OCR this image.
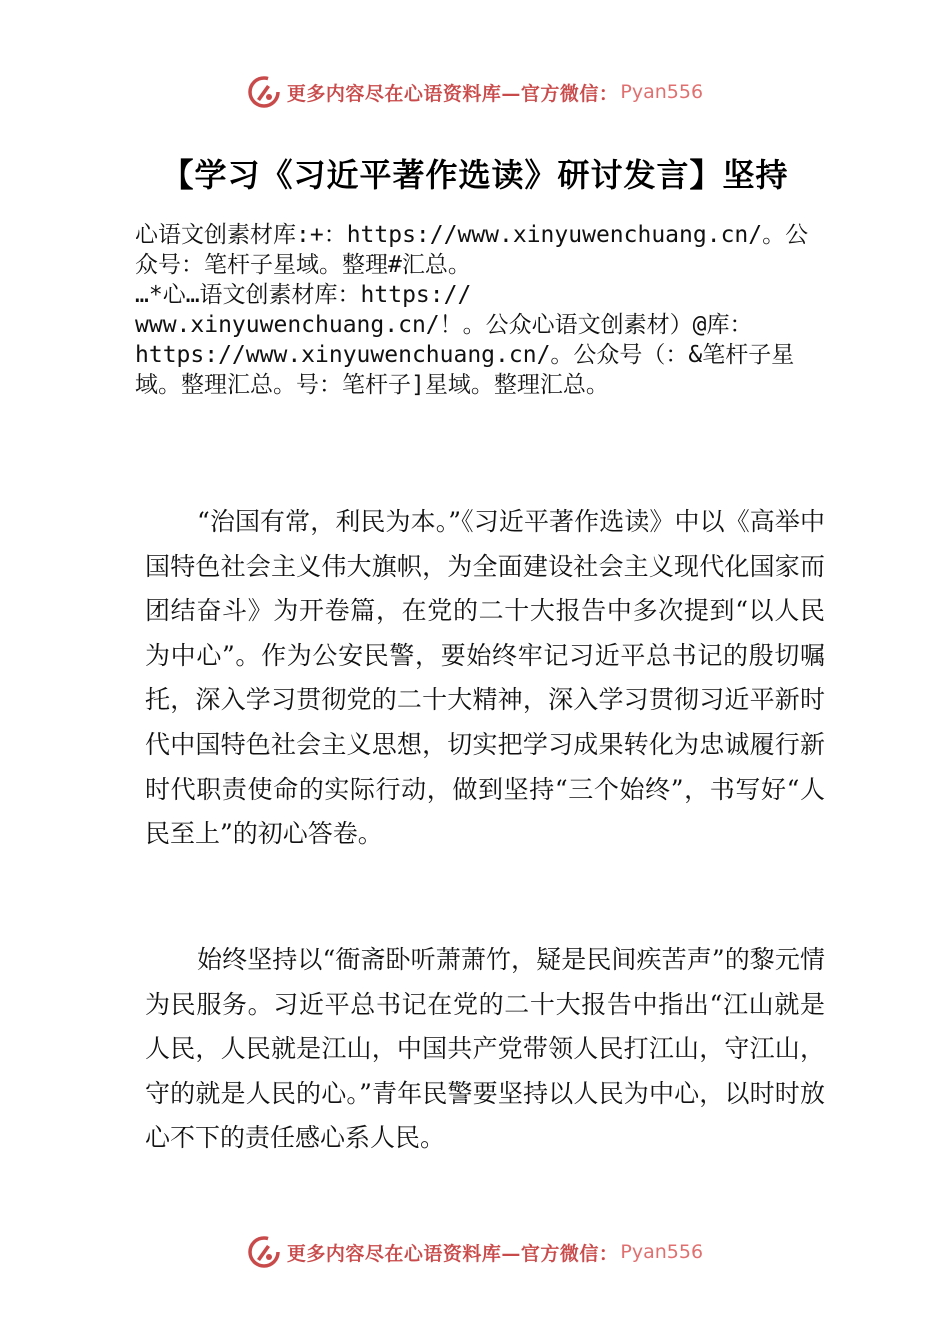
更多内容尽在心语资料库—官方微信： Pyan556
【学习《习近平著作选读》研讨发言】坚持
心语文创素材库:+：https://www.xinyuwenchuang.cn/。公
众号：笔杆子星域。整理#汇总。
…*心…语文创素材库：https://
www.xinyuwenchuang.cn/！。公众心语文创素材）@库：
https://www.xinyuwenchuang.cn/。公众号（：&笔杆子星
域。整理汇总。号：笔杆子]星域。整理汇总。

“治国有常，利民为本。”《习近平著作选读》中以《高举中国特色社会主义伟大旗帜，为全面建设社会主义现代化国家而团结奋斗》为开卷篇，在党的二十大报告中多次提到“以人民为中心”。作为公安民警，要始终牢记习近平总书记的殷切嘱托，深入学习贯彻党的二十大精神，深入学习贯彻习近平新时代中国特色社会主义思想，切实把学习成果转化为忠诚履行新时代职责使命的实际行动，做到坚持“三个始终”，书写好“人民至上”的初心答卷。

始终坚持以“衙斋卧听萧萧竹，疑是民间疾苦声”的黎元情为民服务。习近平总书记在党的二十大报告中指出“江山就是人民，人民就是江山，中国共产党带领人民打江山，守江山，守的就是人民的心。”青年民警要坚持以人民为中心，以时时放心不下的责任感心系人民。

更多内容尽在心语资料库—官方微信： Pyan556
